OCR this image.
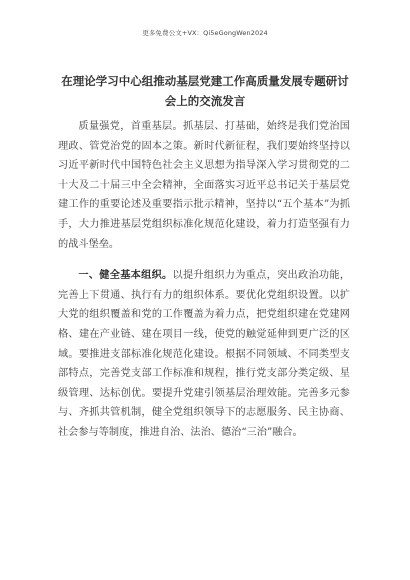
更多免费公文+VX：Qi5eGongWen2024
在理论学习中心组推动基层党建工作高质量发展专题研讨
会上的交流发言

质量强党，首重基层。抓基层、打基础，始终是我们党治国理政、管党治党的固本之策。新时代新征程，我们要始终坚持以习近平新时代中国特色社会主义思想为指导深入学习贯彻党的二十大及二十届三中全会精神，全面落实习近平总书记关于基层党建工作的重要论述及重要指示批示精神，坚持以“五个基本”为抓手，大力推进基层党组织标准化规范化建设，着力打造坚强有力的战斗堡垒。

一、健全基本组织。以提升组织力为重点，突出政治功能，完善上下贯通、执行有力的组织体系。要优化党组织设置。以扩大党的组织覆盖和党的工作覆盖为着力点，把党组织建在党建网格、建在产业链、建在项目一线，使党的触觉延伸到更广泛的区域。要推进支部标准化规范化建设。根据不同领域、不同类型支部特点，完善党支部工作标准和规程，推行党支部分类定级、星级管理、达标创优。要提升党建引领基层治理效能。完善多元参与、齐抓共管机制，健全党组织领导下的志愿服务、民主协商、社会参与等制度，推进自治、法治、德治“三治”融合。
